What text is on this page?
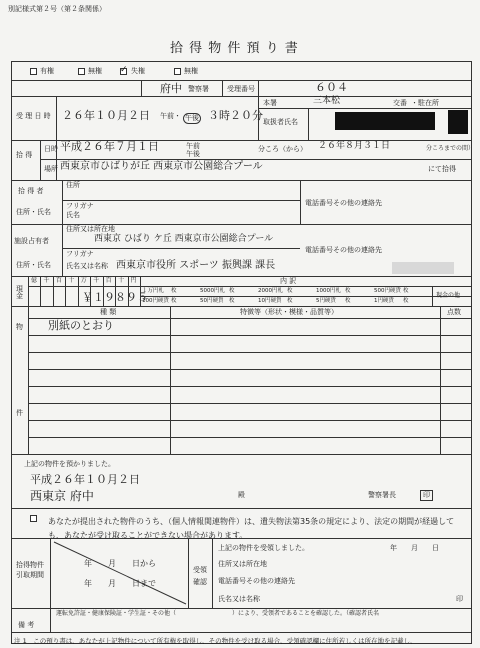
別記様式第２号（第２条関係）
拾 得 物 件 預 り 書
有権	無権 ✓ 失権	無権
府中 警察署	受理番号	６０４
受 理 日 時 ２６年１０月２日 午前・ 午後 ３時２０分
本署	三本松	交番 ・駐在所
取扱者氏名
拾 得
日時 平成２６年７月１日	午前
午後
分ころ（から） ２６年８月３１日	分ころまでの間）
場所 西東京市ひばりが丘 西東京市公園総合プール	にて拾得
拾 得 者
住所・氏名
住所
フリガナ
氏名
電話番号その他の連絡先
施設占有者
住所・氏名
住所又は所在地
西東京 ひばり ケ丘 西東京市公園総合プール
フリガナ
氏名又は名称 西東京市役所 スポーツ 振興課 課長
電話番号その他の連絡先
現 金
億 千 百 十 万 千 百 十 円
￥１９８９５
内 訳
１万円札 枚	5000円札 枚	2000円札 枚	1000円札 枚	500円硬貨 枚
100円硬貨 枚	50円硬貨 枚	10円硬貨 枚	5円硬貨 枚	1円硬貨 枚
現金の他
物
件
種 類	特徴等（形状・模様・品質等）	点数
別紙のとおり
上記の物件を預かりました。
平成２６年１０月２日
西東京 府中	殿	警察署長	印
あなたが提出された物件のうち、（個人情報関連物件）は、遺失物法第35条の規定により、法定の期間が経過しても、あなたが受け取ることができない場合があります。
拾得物件引取期間
年　　月　　日から
年　　月　　日まで
受領確認
上記の物件を受領しました。	年　　月　　日
住所又は所在地
電話番号その他の連絡先
氏名又は名称	印
備 考
運転免許証・健康保険証・学生証・その他（	）により、受領者であることを確認した。（確認者氏名
注 1　この預り書は、あなたが上記物件について所有権を取得し、その物件を受け取る場合、受領確認欄に住所若しくは所在地を記載し、
